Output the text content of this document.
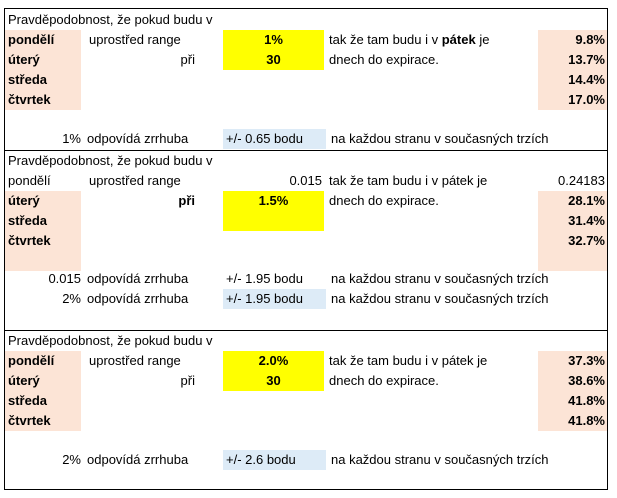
Pravděpodobnost, že pokud budu v
pondělí	uprostřed range	1%	tak že tam budu i v pátek je	9.8%
úterý	při	30	dnech do expirace.	13.7%
středa	14.4%
čtvrtek	17.0%
1% odpovídá zrrhuba	+/- 0.65 bodu	na každou stranu v současných trzích
Pravděpodobnost, že pokud budu v
pondělí	uprostřed range	0.015 tak že tam budu i v pátek je	0.24183
úterý	při	1.5%	dnech do expirace.	28.1%
středa	31.4%
čtvrtek	32.7%
0.015 odpovídá zrrhuba	+/- 1.95 bodu	na každou stranu v současných trzích
2% odpovídá zrrhuba	+/- 1.95 bodu	na každou stranu v současných trzích
Pravděpodobnost, že pokud budu v
pondělí	uprostřed range	2.0%	tak že tam budu i v pátek je	37.3%
úterý	při	30	dnech do expirace.	38.6%
středa	41.8%
čtvrtek	41.8%
2% odpovídá zrrhuba	+/- 2.6 bodu	na každou stranu v současných trzích
